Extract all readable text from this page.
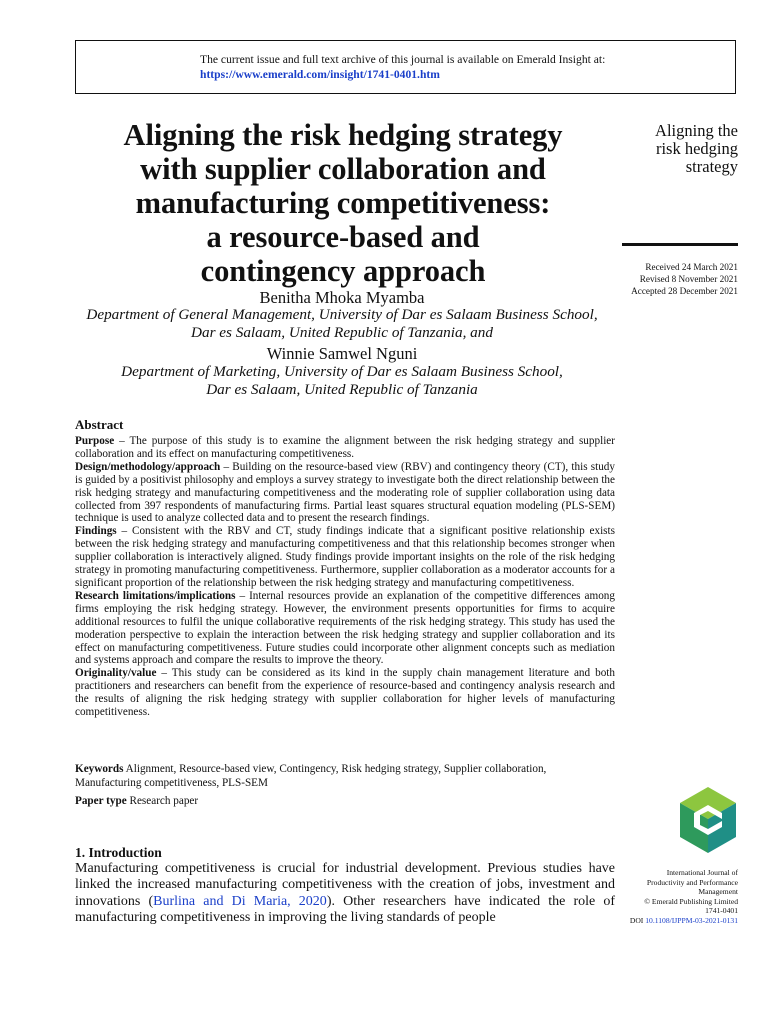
The current issue and full text archive of this journal is available on Emerald Insight at:
https://www.emerald.com/insight/1741-0401.htm
Aligning the risk hedging strategy
with supplier collaboration and
manufacturing competitiveness:
a resource-based and
contingency approach
Aligning the
risk hedging
strategy
Received 24 March 2021
Revised 8 November 2021
Accepted 28 December 2021
Benitha Mhoka Myamba
Department of General Management, University of Dar es Salaam Business School,
Dar es Salaam, United Republic of Tanzania, and
Winnie Samwel Nguni
Department of Marketing, University of Dar es Salaam Business School,
Dar es Salaam, United Republic of Tanzania
Abstract

Purpose – The purpose of this study is to examine the alignment between the risk hedging strategy and supplier collaboration and its effect on manufacturing competitiveness.

Design/methodology/approach – Building on the resource-based view (RBV) and contingency theory (CT), this study is guided by a positivist philosophy and employs a survey strategy to investigate both the direct relationship between the risk hedging strategy and manufacturing competitiveness and the moderating role of supplier collaboration using data collected from 397 respondents of manufacturing firms. Partial least squares structural equation modeling (PLS-SEM) technique is used to analyze collected data and to present the research findings.

Findings – Consistent with the RBV and CT, study findings indicate that a significant positive relationship exists between the risk hedging strategy and manufacturing competitiveness and that this relationship becomes stronger when supplier collaboration is interactively aligned. Study findings provide important insights on the role of the risk hedging strategy in promoting manufacturing competitiveness. Furthermore, supplier collaboration as a moderator accounts for a significant proportion of the relationship between the risk hedging strategy and manufacturing competitiveness.

Research limitations/implications – Internal resources provide an explanation of the competitive differences among firms employing the risk hedging strategy. However, the environment presents opportunities for firms to acquire additional resources to fulfil the unique collaborative requirements of the risk hedging strategy. This study has used the moderation perspective to explain the interaction between the risk hedging strategy and supplier collaboration and its effect on manufacturing competitiveness. Future studies could incorporate other alignment concepts such as mediation and systems approach and compare the results to improve the theory.

Originality/value – This study can be considered as its kind in the supply chain management literature and both practitioners and researchers can benefit from the experience of resource-based and contingency analysis research and the results of aligning the risk hedging strategy with supplier collaboration for higher levels of manufacturing competitiveness.

Keywords Alignment, Resource-based view, Contingency, Risk hedging strategy, Supplier collaboration, Manufacturing competitiveness, PLS-SEM
Paper type Research paper
1. Introduction
Manufacturing competitiveness is crucial for industrial development. Previous studies have linked the increased manufacturing competitiveness with the creation of jobs, investment and innovations (Burlina and Di Maria, 2020). Other researchers have indicated the role of manufacturing competitiveness in improving the living standards of people
International Journal of
Productivity and Performance
Management
© Emerald Publishing Limited
1741-0401
DOI 10.1108/IJPPM-03-2021-0131
